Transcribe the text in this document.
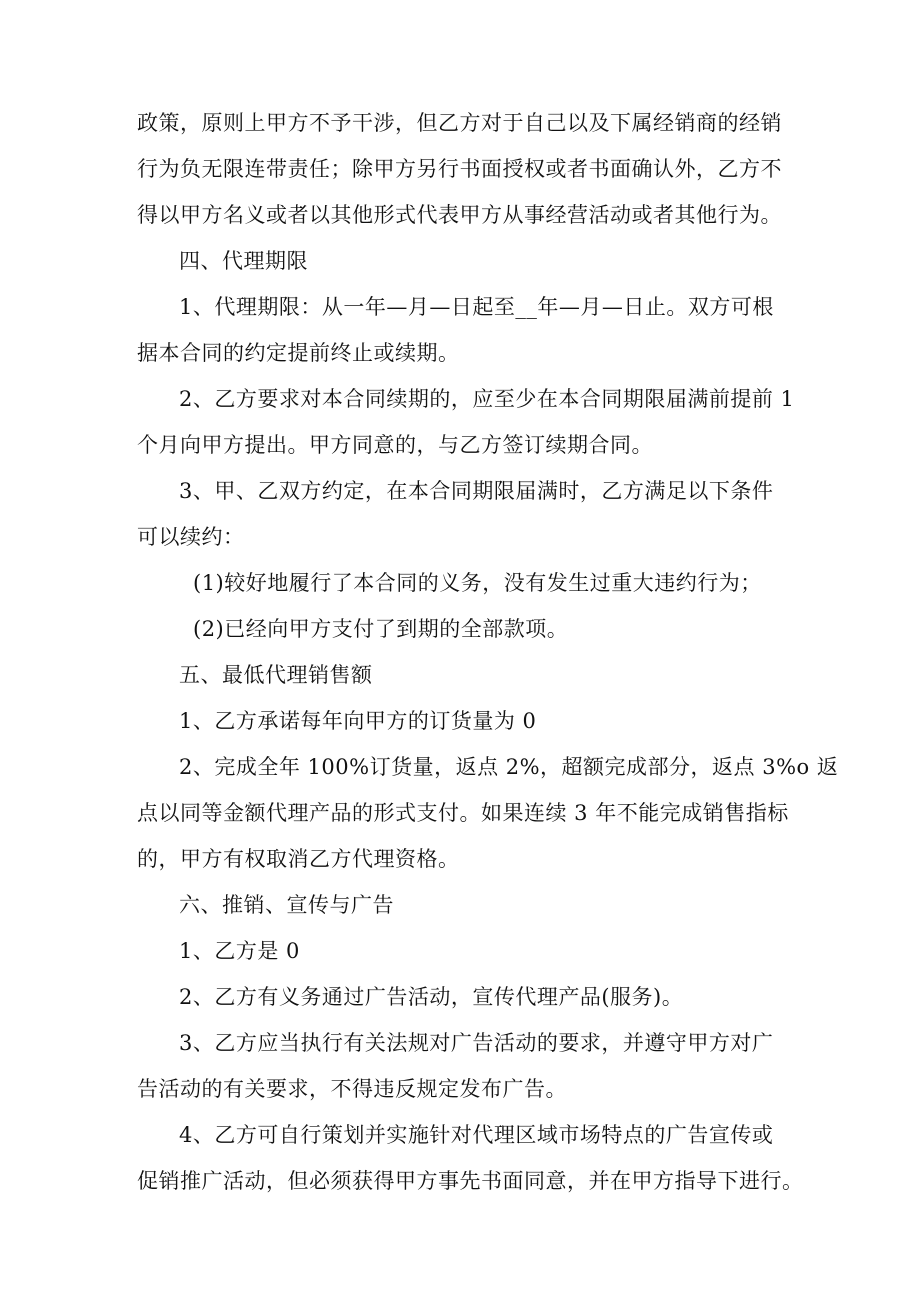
政策，原则上甲方不予干涉，但乙方对于自己以及下属经销商的经销
行为负无限连带责任；除甲方另行书面授权或者书面确认外，乙方不
得以甲方名义或者以其他形式代表甲方从事经营活动或者其他行为。
四、代理期限
1、代理期限：从一年—月—日起至__年—月—日止。双方可根
据本合同的约定提前终止或续期。
2、乙方要求对本合同续期的，应至少在本合同期限届满前提前 1
个月向甲方提出。甲方同意的，与乙方签订续期合同。
3、甲、乙双方约定，在本合同期限届满时，乙方满足以下条件
可以续约：
(1)较好地履行了本合同的义务，没有发生过重大违约行为；
(2)已经向甲方支付了到期的全部款项。
五、最低代理销售额
1、乙方承诺每年向甲方的订货量为 0
2、完成全年 100%订货量，返点 2%，超额完成部分，返点 3%o 返
点以同等金额代理产品的形式支付。如果连续 3 年不能完成销售指标
的，甲方有权取消乙方代理资格。
六、推销、宣传与广告
1、乙方是 0
2、乙方有义务通过广告活动，宣传代理产品(服务)。
3、乙方应当执行有关法规对广告活动的要求，并遵守甲方对广
告活动的有关要求，不得违反规定发布广告。
4、乙方可自行策划并实施针对代理区域市场特点的广告宣传或
促销推广活动，但必须获得甲方事先书面同意，并在甲方指导下进行。
